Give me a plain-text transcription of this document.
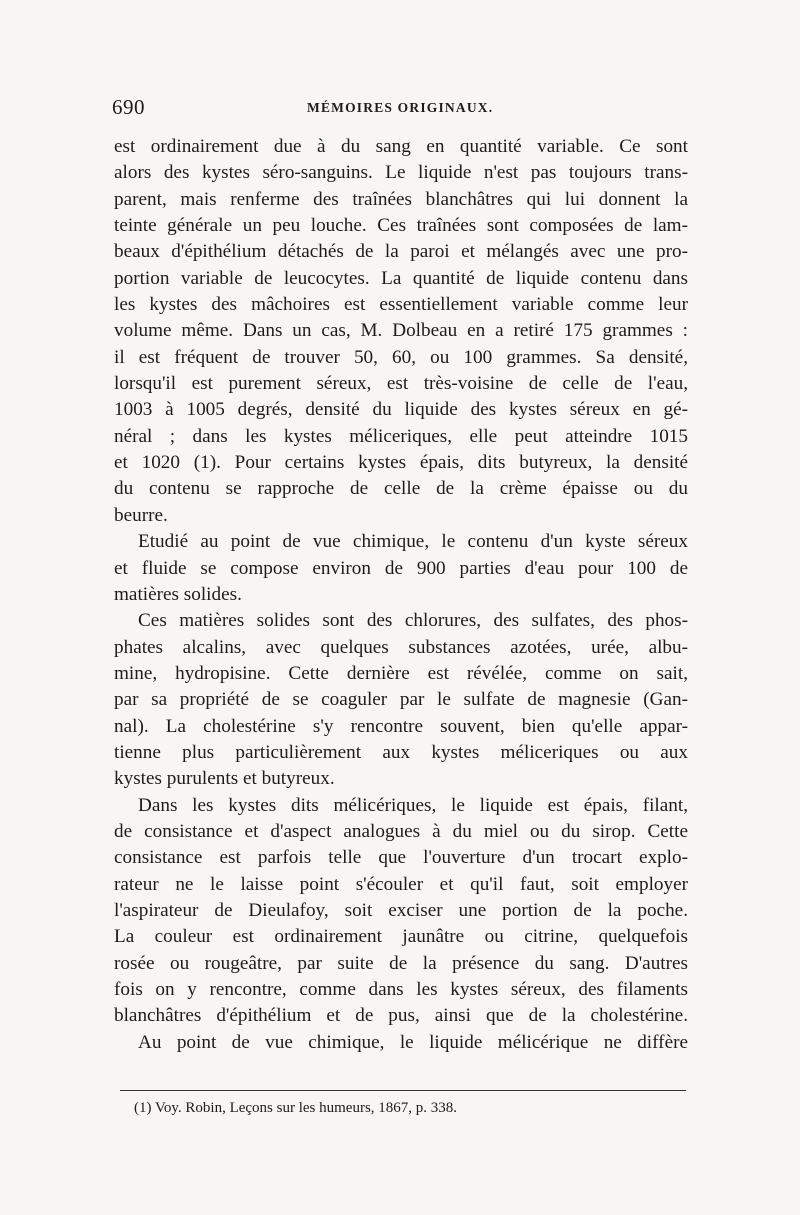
690	MÉMOIRES ORIGINAUX.
est ordinairement due à du sang en quantité variable. Ce sont
alors des kystes séro-sanguins. Le liquide n'est pas toujours trans-
parent, mais renferme des traînées blanchâtres qui lui donnent la
teinte générale un peu louche. Ces traînées sont composées de lam-
beaux d'épithélium détachés de la paroi et mélangés avec une pro-
portion variable de leucocytes. La quantité de liquide contenu dans
les kystes des mâchoires est essentiellement variable comme leur
volume même. Dans un cas, M. Dolbeau en a retiré 175 grammes :
il est fréquent de trouver 50, 60, ou 100 grammes. Sa densité,
lorsqu'il est purement séreux, est très-voisine de celle de l'eau,
1003 à 1005 degrés, densité du liquide des kystes séreux en gé-
néral ; dans les kystes méliceriques, elle peut atteindre 1015
et 1020 (1). Pour certains kystes épais, dits butyreux, la densité
du contenu se rapproche de celle de la crème épaisse ou du
beurre.
Etudié au point de vue chimique, le contenu d'un kyste séreux
et fluide se compose environ de 900 parties d'eau pour 100 de
matières solides.
Ces matières solides sont des chlorures, des sulfates, des phos-
phates alcalins, avec quelques substances azotées, urée, albu-
mine, hydropisine. Cette dernière est révélée, comme on sait,
par sa propriété de se coaguler par le sulfate de magnesie (Gan-
nal). La cholestérine s'y rencontre souvent, bien qu'elle appar-
tienne plus particulièrement aux kystes méliceriques ou aux
kystes purulents et butyreux.
Dans les kystes dits mélicériques, le liquide est épais, filant,
de consistance et d'aspect analogues à du miel ou du sirop. Cette
consistance est parfois telle que l'ouverture d'un trocart explo-
rateur ne le laisse point s'écouler et qu'il faut, soit employer
l'aspirateur de Dieulafoy, soit exciser une portion de la poche.
La couleur est ordinairement jaunâtre ou citrine, quelquefois
rosée ou rougeâtre, par suite de la présence du sang. D'autres
fois on y rencontre, comme dans les kystes séreux, des filaments
blanchâtres d'épithélium et de pus, ainsi que de la cholestérine.
Au point de vue chimique, le liquide mélicérique ne diffère
(1) Voy. Robin, Leçons sur les humeurs, 1867, p. 338.
